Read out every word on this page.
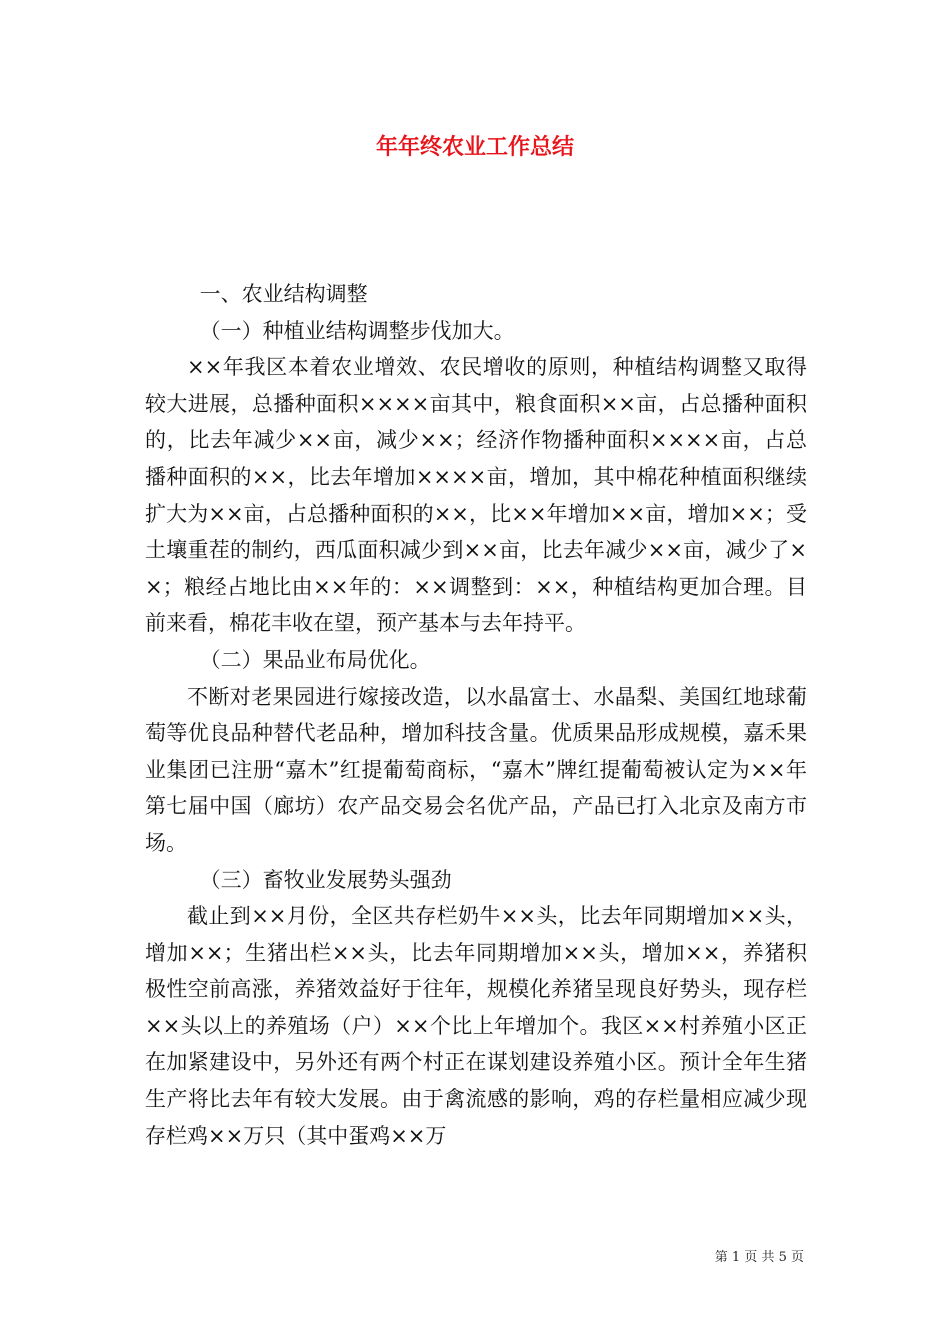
年年终农业工作总结

一、农业结构调整

（一）种植业结构调整步伐加大。

××年我区本着农业增效、农民增收的原则，种植结构调整又取得较大进展，总播种面积××××亩其中，粮食面积××亩，占总播种面积的，比去年减少××亩，减少××；经济作物播种面积××××亩，占总播种面积的××，比去年增加××××亩，增加，其中棉花种植面积继续扩大为××亩，占总播种面积的××，比××年增加××亩，增加××；受土壤重茬的制约，西瓜面积减少到××亩，比去年减少××亩，减少了××；粮经占地比由××年的：××调整到：××，种植结构更加合理。目前来看，棉花丰收在望，预产基本与去年持平。

（二）果品业布局优化。

不断对老果园进行嫁接改造，以水晶富士、水晶梨、美国红地球葡萄等优良品种替代老品种，增加科技含量。优质果品形成规模，嘉禾果业集团已注册“嘉木”红提葡萄商标，“嘉木”牌红提葡萄被认定为××年第七届中国（廊坊）农产品交易会名优产品，产品已打入北京及南方市场。

（三）畜牧业发展势头强劲

截止到××月份，全区共存栏奶牛××头，比去年同期增加××头，增加××；生猪出栏××头，比去年同期增加××头，增加××，养猪积极性空前高涨，养猪效益好于往年，规模化养猪呈现良好势头，现存栏××头以上的养殖场（户）××个比上年增加个。我区××村养殖小区正在加紧建设中，另外还有两个村正在谋划建设养殖小区。预计全年生猪生产将比去年有较大发展。由于禽流感的影响，鸡的存栏量相应减少现存栏鸡××万只（其中蛋鸡××万

第 1 页 共 5 页
